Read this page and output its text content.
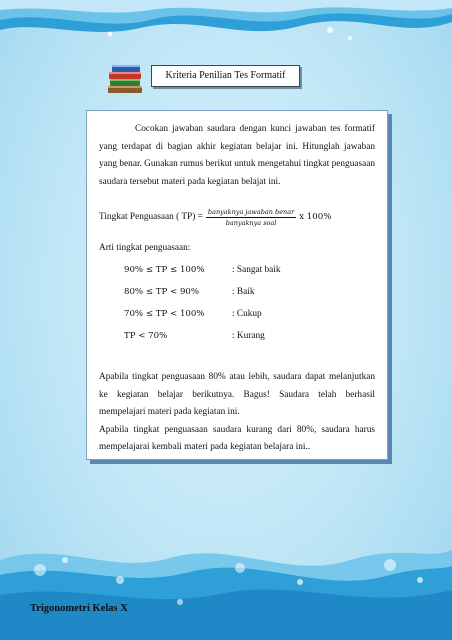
Kriteria Penilian Tes Formatif

Cocokan jawaban saudara dengan kunci jawaban tes formatif yang terdapat di bagian akhir kegiatan belajar ini. Hitunglah jawaban yang benar. Gunakan rumus berikut untuk mengetahui tingkat penguasaan saudara tersebut materi pada kegiatan belajat ini.

Tingkat Penguasaan ( $TP) = \frac{\text{banyaknya jawaban benar}}{\text{banyaknya soal}}$ x 100%
Arti tingkat penguasaan:
90% ≤ TP ≤ 100%	: Sangat baik
80% ≤ TP < 90%	: Baik
70% ≤ TP < 100%	: Cukup
TP < 70%	: Kurang

Apabila tingkat penguasaan 80% atau lebih, saudara dapat melanjutkan ke kegiatan belajar berikutnya. Bagus! Saudara telah berhasil mempelajari materi pada kegiatan ini.

Apabila tingkat penguasaan saudara kurang dari 80%, saudara harus mempelajarai kembali materi pada kegiatan belajara ini..

Trigonometri Kelas X
